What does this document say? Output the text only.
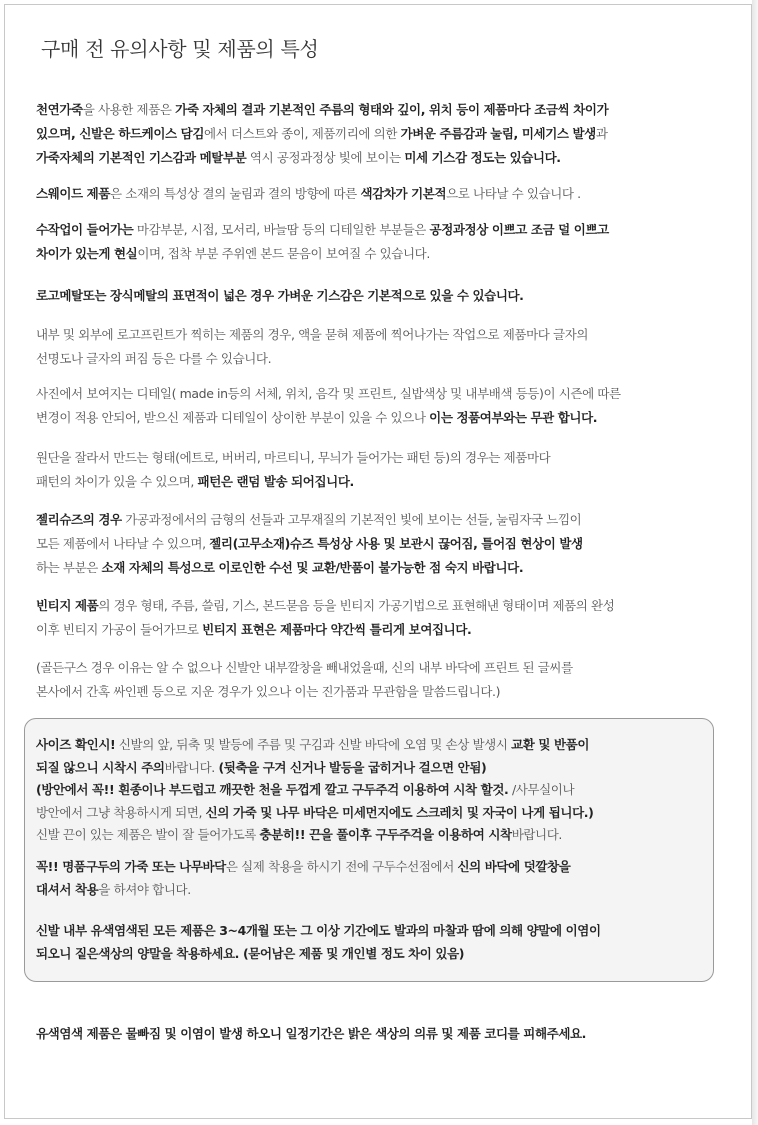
구매 전 유의사항 및 제품의 특성
천연가죽을 사용한 제품은 가죽 자체의 결과 기본적인 주름의 형태와 깊이, 위치 등이 제품마다 조금씩 차이가
있으며, 신발은 하드케이스 담김에서 더스트와 종이, 제품끼리에 의한 가벼운 주름감과 눌림, 미세기스 발생과
가죽자체의 기본적인 기스감과 메탈부분 역시 공정과정상 빛에 보이는 미세 기스감 정도는 있습니다.
스웨이드 제품은 소재의 특성상 결의 눌림과 결의 방향에 따른 색감차가 기본적으로 나타날 수 있습니다 .
수작업이 들어가는 마감부분, 시접, 모서리, 바늘땀 등의 디테일한 부분들은 공정과정상 이쁘고 조금 덜 이쁘고
차이가 있는게 현실이며, 접착 부분 주위엔 본드 묻음이 보여질 수 있습니다.
로고메탈또는 장식메탈의 표면적이 넓은 경우 가벼운 기스감은 기본적으로 있을 수 있습니다.
내부 및 외부에 로고프린트가 찍히는 제품의 경우, 액을 묻혀 제품에 찍어나가는 작업으로 제품마다 글자의
선명도나 글자의 퍼짐 등은 다를 수 있습니다.
사진에서 보여지는 디테일( made in등의 서체, 위치, 음각 및 프린트, 실밥색상 및 내부배색 등등)이 시즌에 따른
변경이 적용 안되어, 받으신 제품과 디테일이 상이한 부분이 있을 수 있으나 이는 정품여부와는 무관 합니다.
원단을 잘라서 만드는 형태(에트로, 버버리, 마르티니, 무늬가 들어가는 패턴 등)의 경우는 제품마다
패턴의 차이가 있을 수 있으며, 패턴은 랜덤 발송 되어집니다.
젤리슈즈의 경우 가공과정에서의 금형의 선들과 고무재질의 기본적인 빛에 보이는 선들, 눌림자국 느낌이
모든 제품에서 나타날 수 있으며, 젤리(고무소재)슈즈 특성상 사용 및 보관시 끊어짐, 틀어짐 현상이 발생
하는 부분은 소재 자체의 특성으로 이로인한 수선 및 교환/반품이 불가능한 점 숙지 바랍니다.
빈티지 제품의 경우 형태, 주름, 쓸림, 기스, 본드묻음 등을 빈티지 가공기법으로 표현해낸 형태이며 제품의 완성
이후 빈티지 가공이 들어가므로 빈티지 표현은 제품마다 약간씩 틀리게 보여집니다.
(골든구스 경우 이유는 알 수 없으나 신발안 내부깔창을 빼내었을때, 신의 내부 바닥에 프린트 된 글씨를
본사에서 간혹 싸인펜 등으로 지운 경우가 있으나 이는 진가품과 무관함을 말씀드립니다.)
사이즈 확인시! 신발의 앞, 뒤축 및 발등에 주름 및 구김과 신발 바닥에 오염 및 손상 발생시 교환 및 반품이
되질 않으니 시착시 주의바랍니다. (뒷축을 구겨 신거나 발등을 굽히거나 걸으면 안됨)
(방안에서 꼭!! 흰종이나 부드럽고 깨끗한 천을 두껍게 깔고 구두주걱 이용하여 시착 할것. /사무실이나
방안에서 그냥 착용하시게 되면, 신의 가죽 및 나무 바닥은 미세먼지에도 스크레치 및 자국이 나게 됩니다.)
신발 끈이 있는 제품은 발이 잘 들어가도록 충분히!! 끈을 풀이후 구두주걱을 이용하여 시착바랍니다.
꼭!! 명품구두의 가죽 또는 나무바닥은 실제 착용을 하시기 전에 구두수선점에서 신의 바닥에 덧깔창을
대셔서 착용을 하셔야 합니다.
신발 내부 유색염색된 모든 제품은 3~4개월 또는 그 이상 기간에도 발과의 마찰과 땀에 의해 양말에 이염이
되오니 짙은색상의 양말을 착용하세요. (묻어남은 제품 및 개인별 정도 차이 있음)
유색염색 제품은 물빠짐 및 이염이 발생 하오니 일정기간은 밝은 색상의 의류 및 제품 코디를 피해주세요.
